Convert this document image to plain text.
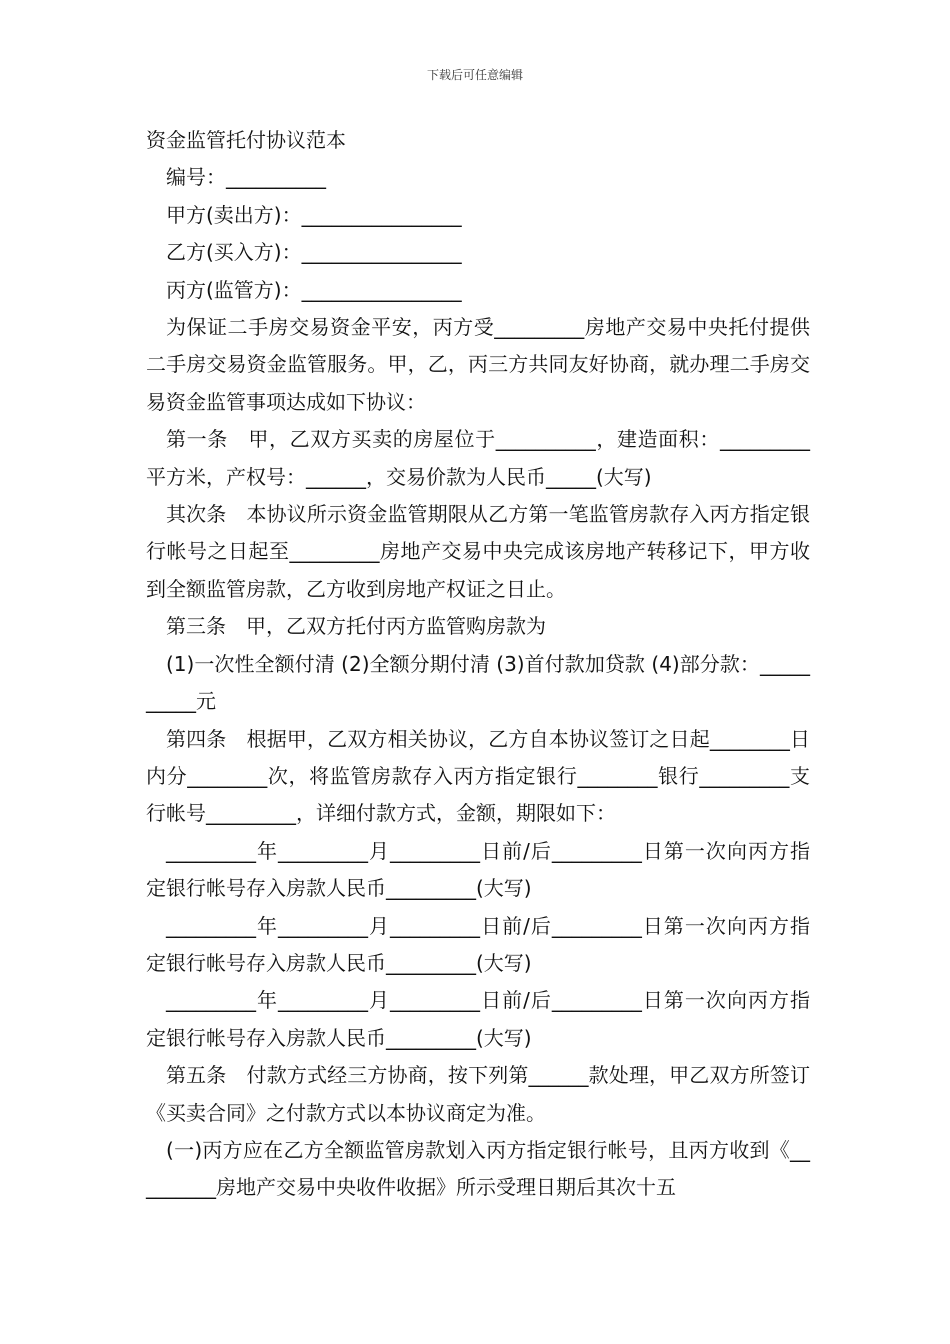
下载后可任意编辑

资金监管托付协议范本

编号：__________

甲方(卖出方)：________________

乙方(买入方)：________________

丙方(监管方)：________________

为保证二手房交易资金平安，丙方受_________房地产交易中央托付提供二手房交易资金监管服务。甲，乙，丙三方共同友好协商，就办理二手房交易资金监管事项达成如下协议：

第一条　甲，乙双方买卖的房屋位于__________，建造面积：_________平方米，产权号：______，交易价款为人民币_____(大写)

其次条　本协议所示资金监管期限从乙方第一笔监管房款存入丙方指定银行帐号之日起至_________房地产交易中央完成该房地产转移记下，甲方收到全额监管房款，乙方收到房地产权证之日止。

第三条　甲，乙双方托付丙方监管购房款为

(1)一次性全额付清 (2)全额分期付清 (3)首付款加贷款 (4)部分款：__________元

第四条　根据甲，乙双方相关协议，乙方自本协议签订之日起________日内分________次，将监管房款存入丙方指定银行________银行_________支行帐号_________，详细付款方式，金额，期限如下：

_________年_________月_________日前/后_________日第一次向丙方指定银行帐号存入房款人民币_________(大写)

_________年_________月_________日前/后_________日第一次向丙方指定银行帐号存入房款人民币_________(大写)

_________年_________月_________日前/后_________日第一次向丙方指定银行帐号存入房款人民币_________(大写)

第五条　付款方式经三方协商，按下列第______款处理，甲乙双方所签订《买卖合同》之付款方式以本协议商定为准。

(一)丙方应在乙方全额监管房款划入丙方指定银行帐号，且丙方收到《_________房地产交易中央收件收据》所示受理日期后其次十五
